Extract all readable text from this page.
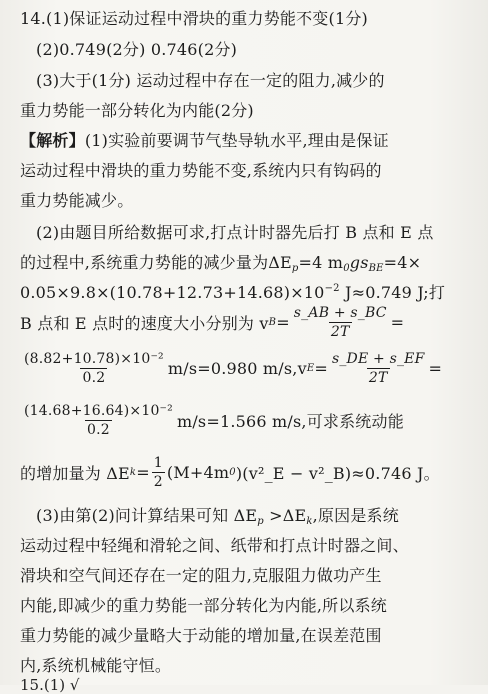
14.(1)保证运动过程中滑块的重力势能不变(1分)
(2)0.749(2分) 0.746(2分)
(3)大于(1分) 运动过程中存在一定的阻力,减少的
重力势能一部分转化为内能(2分)
【解析】(1)实验前要调节气垫导轨水平,理由是保证
运动过程中滑块的重力势能不变,系统内只有钩码的
重力势能减少。
(2)由题目所给数据可求,打点计时器先后打 B 点和 E 点
的过程中,系统重力势能的减少量为$\Delta E_p=4$ $m_0gs_{BE}=4\times$
$0.05\times 9.8\times(10.78+12.73+14.68)\times 10^{-2}$ J≈0.749 J;打
B 点和 E 点时的速度大小分别为 v $B = \frac{s\_AB + s\_BC}{2T}$ =
$\frac{\text{(8.82+10.78)×10⁻²}}{0.2} m/s=0.980$ m/s,v $E = \frac{s\_DE + s\_EF}{2T}$ =
$\frac{\text{(14.68+16.64)×10⁻²}}{0.2} m/s=1.566$ m/s,可求系统动能
的增加量为 ΔE $k = \frac{1}{2} (M+4m$ 0 )(v²_E − v²_B)≈0.746 J。
(3)由第(2)问计算结果可知 $\Delta E_p >\Delta E_k$,原因是系统
运动过程中轻绳和滑轮之间、纸带和打点计时器之间、
滑块和空气间还存在一定的阻力,克服阻力做功产生
内能,即减少的重力势能一部分转化为内能,所以系统
重力势能的减少量略大于动能的增加量,在误差范围
内,系统机械能守恒。
15.(1) √
